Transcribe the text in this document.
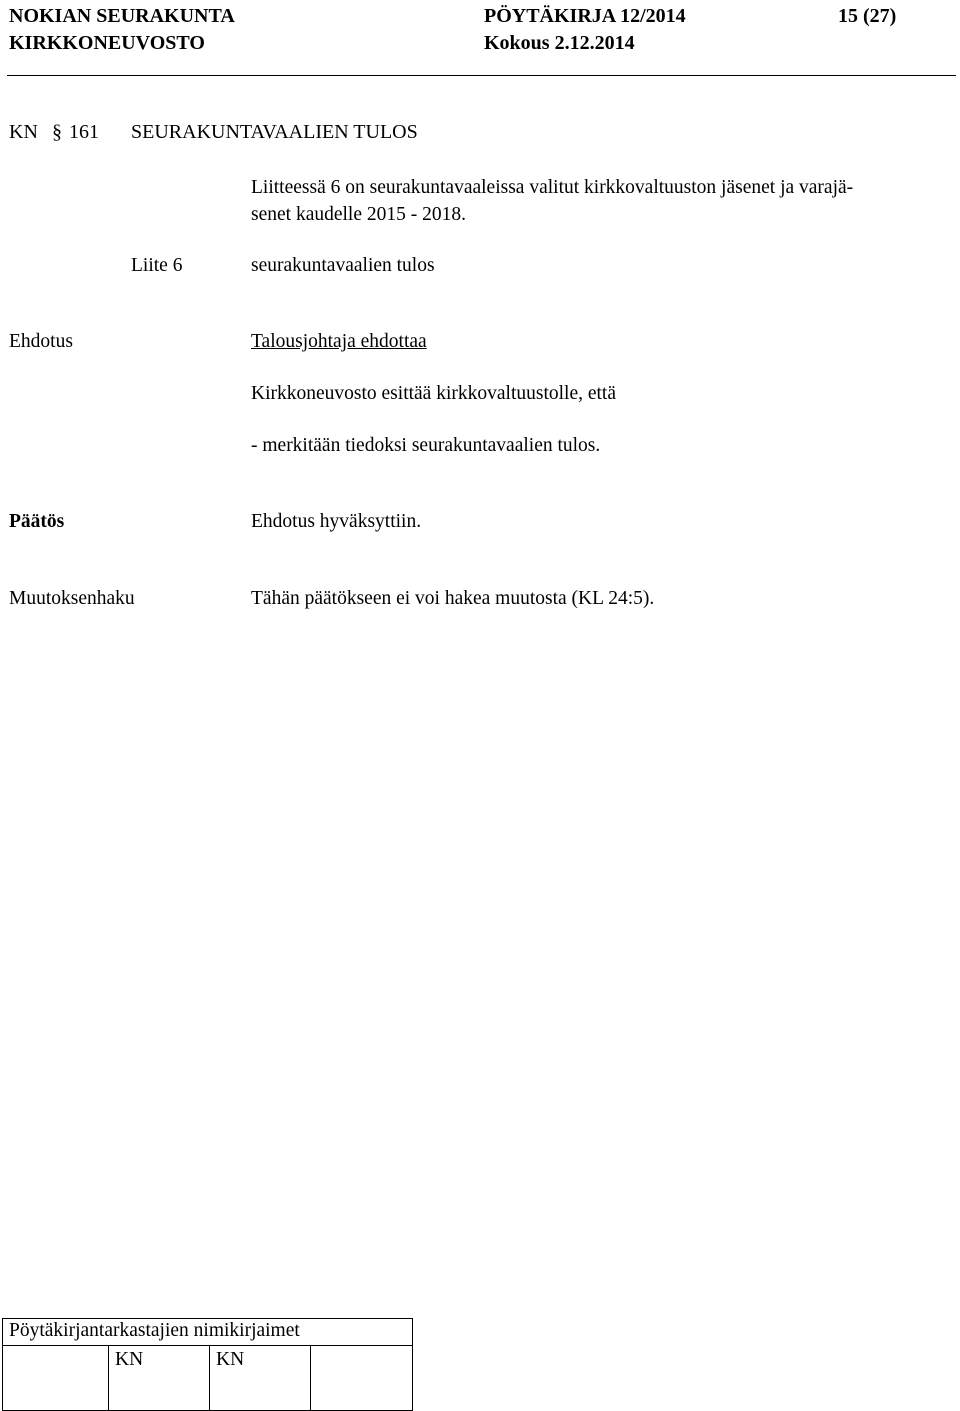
NOKIAN SEURAKUNTA	PÖYTÄKIRJA 12/2014	15 (27)
KIRKKONEUVOSTO	Kokous 2.12.2014
KN § 161 SEURAKUNTAVAALIEN TULOS
Liitteessä 6 on seurakuntavaaleissa valitut kirkkovaltuuston jäsenet ja varajä-
senet kaudelle 2015 - 2018.
Liite 6	seurakuntavaalien tulos
Ehdotus	Talousjohtaja ehdottaa
Kirkkoneuvosto esittää kirkkovaltuustolle, että
- merkitään tiedoksi seurakuntavaalien tulos.
Päätös	Ehdotus hyväksyttiin.
Muutoksenhaku	Tähän päätökseen ei voi hakea muutosta (KL 24:5).
Pöytäkirjantarkastajien nimikirjaimet

KN	KN
